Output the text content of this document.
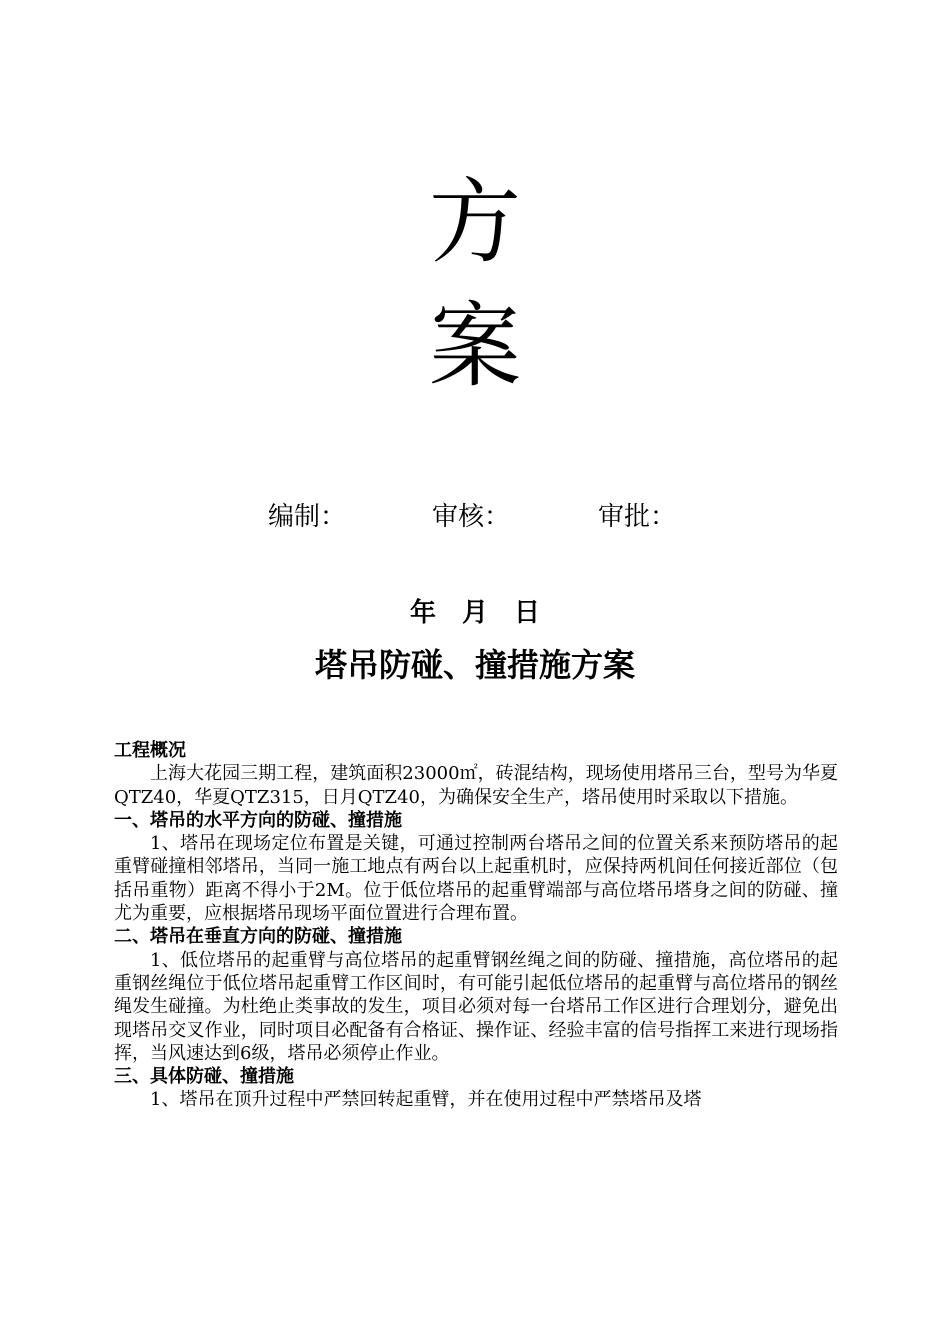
方
案
编制：	审核：	审批：
年　月　日
塔吊防碰、撞措施方案

工程概况

上海大花园三期工程，建筑面积23000㎡，砖混结构，现场使用塔吊三台，型号为华夏QTZ40，华夏QTZ315，日月QTZ40，为确保安全生产，塔吊使用时采取以下措施。

一、塔吊的水平方向的防碰、撞措施

1、塔吊在现场定位布置是关键，可通过控制两台塔吊之间的位置关系来预防塔吊的起重臂碰撞相邻塔吊，当同一施工地点有两台以上起重机时，应保持两机间任何接近部位（包括吊重物）距离不得小于2M。位于低位塔吊的起重臂端部与高位塔吊塔身之间的防碰、撞尤为重要，应根据塔吊现场平面位置进行合理布置。

二、塔吊在垂直方向的防碰、撞措施

1、低位塔吊的起重臂与高位塔吊的起重臂钢丝绳之间的防碰、撞措施，高位塔吊的起重钢丝绳位于低位塔吊起重臂工作区间时，有可能引起低位塔吊的起重臂与高位塔吊的钢丝绳发生碰撞。为杜绝止类事故的发生，项目必须对每一台塔吊工作区进行合理划分，避免出现塔吊交叉作业，同时项目必配备有合格证、操作证、经验丰富的信号指挥工来进行现场指挥，当风速达到6级，塔吊必须停止作业。

三、具体防碰、撞措施

1、塔吊在顶升过程中严禁回转起重臂，并在使用过程中严禁塔吊及塔
